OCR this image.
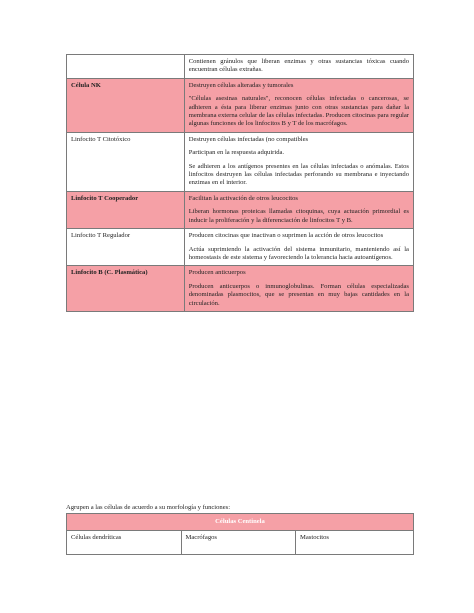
	Contienen gránulos que liberan enzimas y otras sustancias tóxicas cuando encuentran células extrañas.

Célula NK	Destruyen células alteradas y tumorales

"Células asesinas naturales", reconocen células infectadas o cancerosas, se adhieren a ésta para liberar enzimas junto con otras sustancias para dañar la membrana externa celular de las células infectadas. Producen citocinas para regular algunas funciones de los linfocitos B y T de los macrófagos.

Linfocito T Citotóxico	Destruyen células infectadas (no compatibles

Participan en la respuesta adquirida.

Se adhieren a los antígenos presentes en las células infectadas o anómalas. Estos linfocitos destruyen las células infectadas perforando su membrana e inyectando enzimas en el interior.

Linfocito T Cooperador	Facilitan la activación de otros leucocitos

Liberan hormonas proteicas llamadas citoquinas, cuya actuación primordial es inducir la proliferación y la diferenciación de linfocitos T y B.

Linfocito T Regulador	Producen citocinas que inactivan o suprimen la acción de otros leucocitos

Actúa suprimiendo la activación del sistema inmunitario, manteniendo así la homeostasis de este sistema y favoreciendo la tolerancia hacia autoantígenos.

Linfocito B (C. Plasmática)	Producen anticuerpos

Producen anticuerpos o inmunoglobulinas. Forman células especializadas denominadas plasmocitos, que se presentan en muy bajas cantidades en la circulación.

Agrupen a las células de acuerdo a su morfología y funciones:
Células Centinela
Células dendríticas	Macrófagos	Mastocitos
